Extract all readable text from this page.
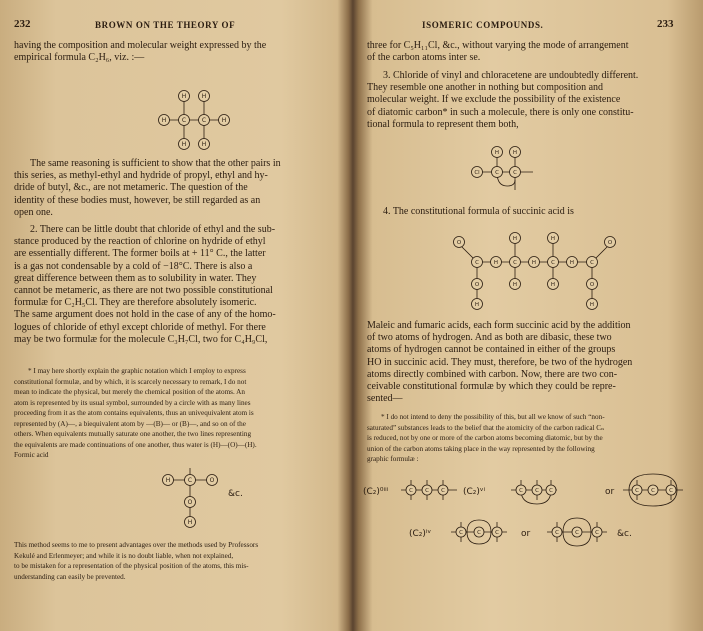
232	BROWN ON THE THEORY OF
having the composition and molecular weight expressed by the
empirical formula C₂H₆, viz. :—
H	C	C	H
H	H
H	H
The same reasoning is sufficient to show that the other pairs in
this series, as methyl-ethyl and hydride of propyl, ethyl and hy-
dride of butyl, &c., are not metameric. The question of the
identity of these bodies must, however, be still regarded as an
open one.
2. There can be little doubt that chloride of ethyl and the sub-
stance produced by the reaction of chlorine on hydride of ethyl
are essentially different. The former boils at + 11° C., the latter
is a gas not condensable by a cold of −18°C. There is also a
great difference between them as to solubility in water. They
cannot be metameric, as there are not two possible constitutional
formulæ for C₂H₅Cl. They are therefore absolutely isomeric.
The same argument does not hold in the case of any of the homo-
logues of chloride of ethyl except chloride of methyl. For there
may be two formulæ for the molecule C₃H₇Cl, two for C₄H₉Cl,
* I may here shortly explain the graphic notation which I employ to express
constitutional formulæ, and by which, it is scarcely necessary to remark, I do not
mean to indicate the physical, but merely the chemical position of the atoms. An
atom is represented by its usual symbol, surrounded by a circle with as many lines
proceeding from it as the atom contains equivalents, thus an univequivalent atom is
represented by (A)—, a biequivalent atom by —(B)— or (B)—, and so on of the
others. When equivalents mutually saturate one another, the two lines representing
the equivalents are made continuations of one another, thus water is (H)—(O)—(H).
Formic acid
H	C	O
O
H
&c.
This method seems to me to present advantages over the methods used by Professors
Kekulé and Erlenmeyer; and while it is no doubt liable, when not explained,
to be mistaken for a representation of the physical position of the atoms, this mis-
understanding can easily be prevented.
ISOMERIC COMPOUNDS.	233
three for C₅H₁₁Cl, &c., without varying the mode of arrangement
of the carbon atoms inter se.
3. Chloride of vinyl and chloracetene are undoubtedly different.
They resemble one another in nothing but composition and
molecular weight. If we exclude the possibility of the existence
of diatomic carbon* in such a molecule, there is only one constitu-
tional formula to represent them both,
Cl	C	C
H	H
4. The constitutional formula of succinic acid is
O
C	H	C	H	C	H	C
O
H	H
H	H
O
H
O
H
Maleic and fumaric acids, each form succinic acid by the addition
of two atoms of hydrogen. And as both are dibasic, these two
atoms of hydrogen cannot be contained in either of the groups
HO in succinic acid. They must, therefore, be two of the hydrogen
atoms directly combined with carbon. Now, there are two con-
ceivable constitutional formulæ by which they could be repre-
sented—
* I do not intend to deny the possibility of this, but all we know of such “non-
saturated” substances leads to the belief that the atomicity of the carbon radical Cₙ
is reduced, not by one or more of the carbon atoms becoming diatomic, but by the
union of the carbon atoms taking place in the way represented by the following
graphic formulæ :
(C₂)⁰ⁱⁱⁱ	C C C	C C C	C C	C
(C₂)ᵛⁱ	or
(C₂)ⁱᵛ	C	C	C	C	C	C
or	&c.
